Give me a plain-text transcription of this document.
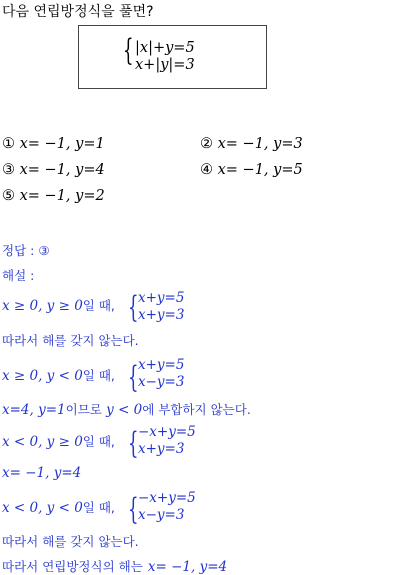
다음 연립방정식을 풀면?
{ |x|+y=5
x+|y|=3
① x= −1, y=1	② x= −1, y=3
③ x= −1, y=4	④ x= −1, y=5
⑤ x= −1, y=2
정답 : ③
해설 :
x ≥ 0, y ≥ 0일 때, { x+y=5
x+y=3
따라서 해를 갖지 않는다.
x ≥ 0, y < 0일 때, { x+y=5
x−y=3
x=4, y=1이므로 y < 0에 부합하지 않는다.
x < 0, y ≥ 0일 때, { −x+y=5
x+y=3
x= −1, y=4
x < 0, y < 0일 때, { −x+y=5
x−y=3
따라서 해를 갖지 않는다.
따라서 연립방정식의 해는 x= −1, y=4
